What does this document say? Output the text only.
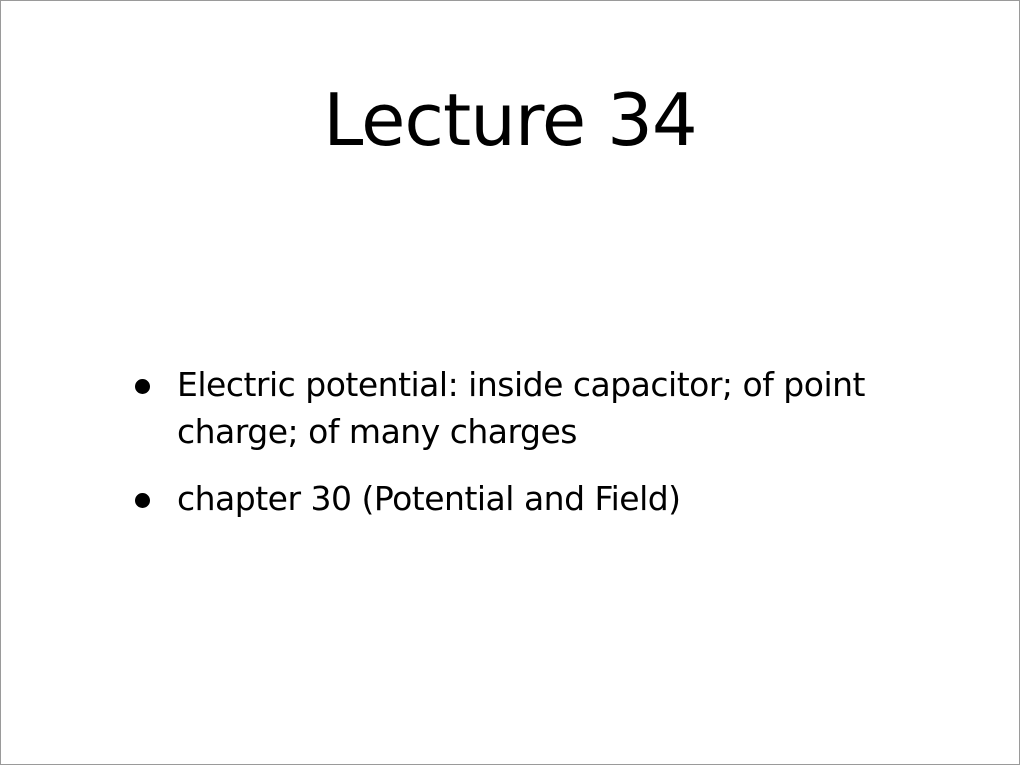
Lecture 34
Electric potential: inside capacitor; of point charge; of many charges
chapter 30 (Potential and Field)
